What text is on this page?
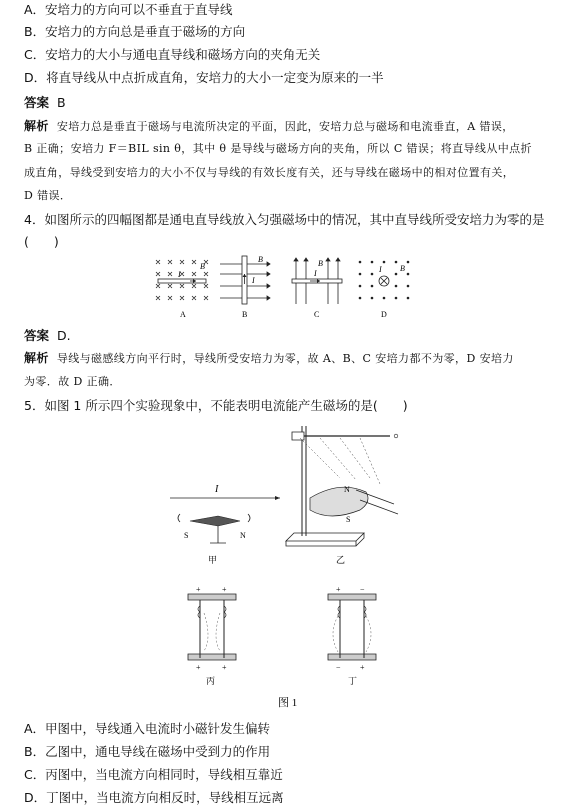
A．安培力的方向可以不垂直于直导线
B．安培力的方向总是垂直于磁场的方向
C．安培力的大小与通电直导线和磁场方向的夹角无关
D．将直导线从中点折成直角，安培力的大小一定变为原来的一半
答案 B
解析 安培力总是垂直于磁场与电流所决定的平面，因此，安培力总与磁场和电流垂直，A 错误，
B 正确；安培力 F＝BIL sin θ，其中 θ 是导线与磁场方向的夹角，所以 C 错误；将直导线从中点折
成直角，导线受到安培力的大小不仅与导线的有效长度有关，还与导线在磁场中的相对位置有关，
D 错误．
4．如图所示的四幅图都是通电直导线放入匀强磁场中的情况，其中直导线所受安培力为零的是
(　　)
I
B
A
I
B
B
I
B
C
I B
D
答案 D.
解析 导线与磁感线方向平行时，导线所受安培力为零，故 A、B、C 安培力都不为零，D 安培力
为零．故 D 正确．
5．如图 1 所示四个实验现象中，不能表明电流能产生磁场的是(　　)
I
S	N
甲
N
S
乙
+	+
+	+
丙
+ −
− +
丁
图 1
A．甲图中，导线通入电流时小磁针发生偏转
B．乙图中，通电导线在磁场中受到力的作用
C．丙图中，当电流方向相同时，导线相互靠近
D．丁图中，当电流方向相反时，导线相互远离
